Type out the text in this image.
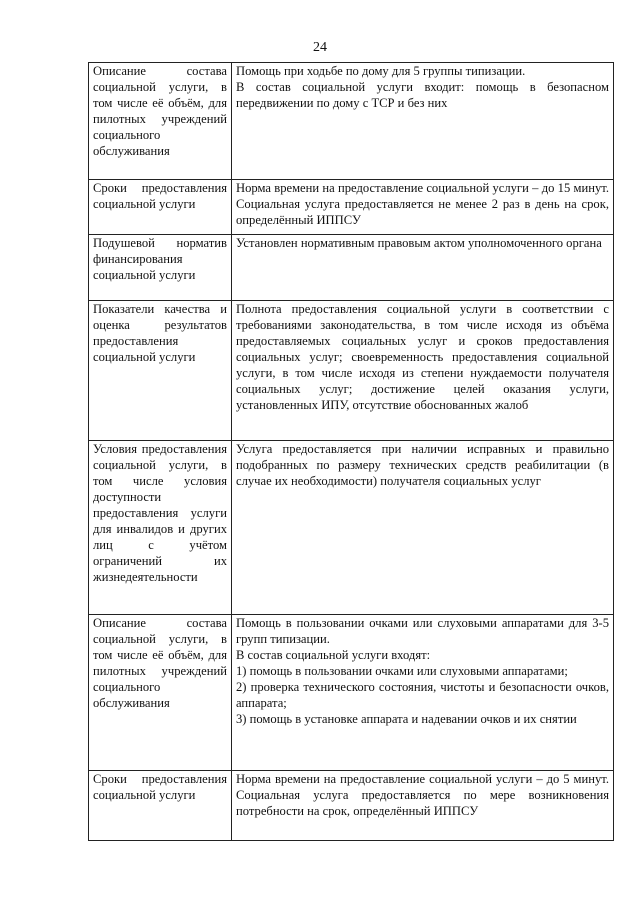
24
Описание состава социальной услуги, в том числе её объём, для пилотных учреждений социального обслуживания	Помощь при ходьбе по дому для 5 группы типизации.

В состав социальной услуги входит: помощь в безопасном передвижении по дому с ТСР и без них

Сроки предоставления социальной услуги	Норма времени на предоставление социальной услуги – до 15 минут. Социальная услуга предоставляется не менее 2 раз в день на срок, определённый ИППСУ

Подушевой норматив финансирования социальной услуги	Установлен нормативным правовым актом уполномоченного органа

Показатели качества и оценка результатов предоставления социальной услуги	Полнота предоставления социальной услуги в соответствии с требованиями законодательства, в том числе исходя из объёма предоставляемых социальных услуг и сроков предоставления социальных услуг; своевременность предоставления социальной услуги, в том числе исходя из степени нуждаемости получателя социальных услуг; достижение целей оказания услуги, установленных ИПУ, отсутствие обоснованных жалоб

Условия предоставления социальной услуги, в том числе условия доступности предоставления услуги для инвалидов и других лиц с учётом ограничений их жизнедеятельности	Услуга предоставляется при наличии исправных и правильно подобранных по размеру технических средств реабилитации (в случае их необходимости) получателя социальных услуг

Описание состава социальной услуги, в том числе её объём, для пилотных учреждений социального обслуживания	Помощь в пользовании очками или слуховыми аппаратами для 3-5 групп типизации.

В состав социальной услуги входят:

1) помощь в пользовании очками или слуховыми аппаратами;

2) проверка технического состояния, чистоты и безопасности очков, аппарата;

3) помощь в установке аппарата и надевании очков и их снятии

Сроки предоставления социальной услуги	Норма времени на предоставление социальной услуги – до 5 минут. Социальная услуга предоставляется по мере возникновения потребности на срок, определённый ИППСУ
